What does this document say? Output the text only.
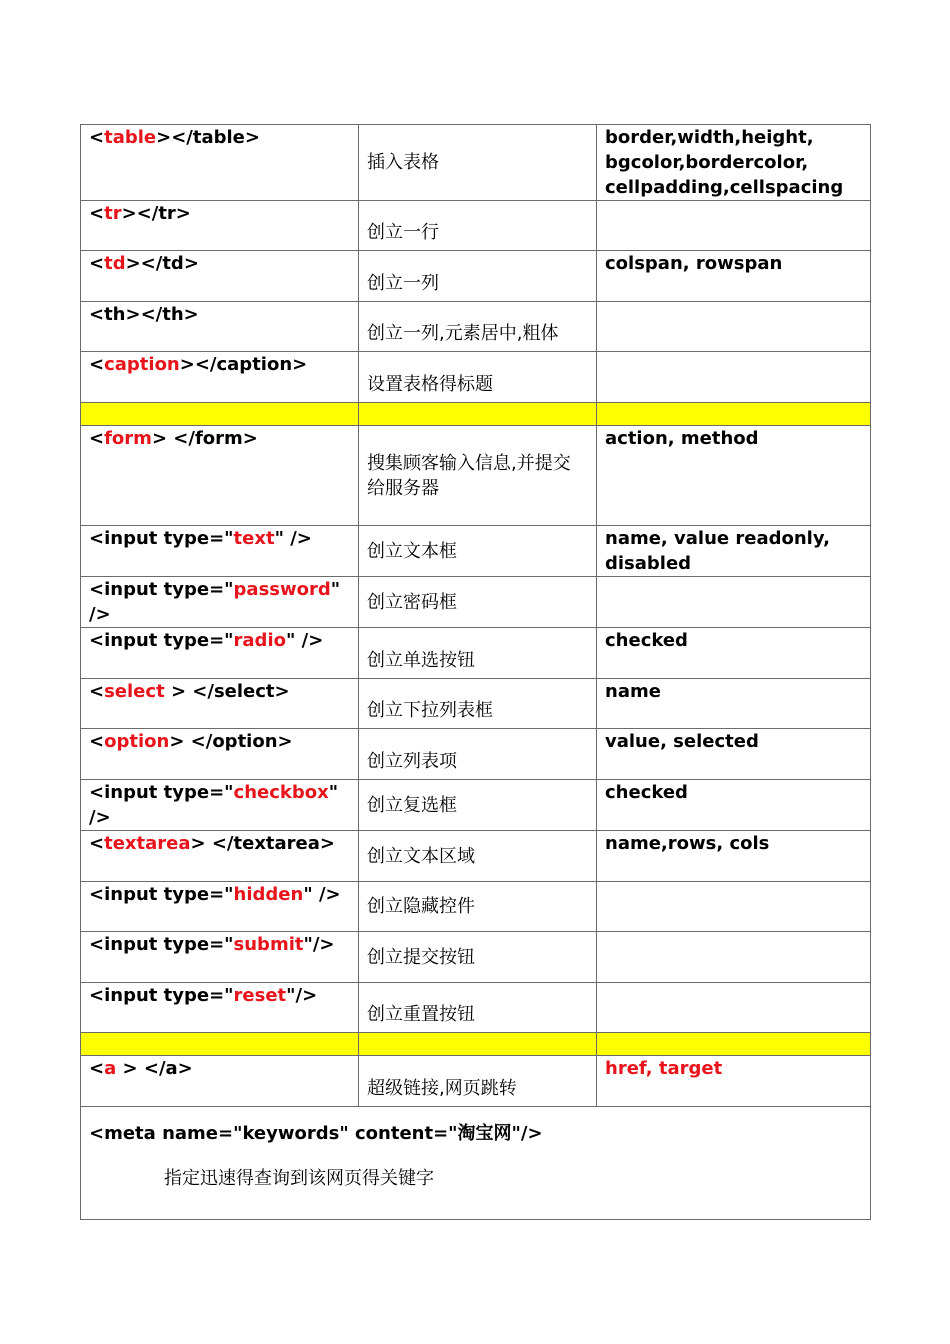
<table></table>	插入表格	border,width,height, bgcolor,bordercolor, cellpadding,cellspacing
<tr></tr>	创立一行	
<td></td>	创立一列	colspan, rowspan
<th></th>	创立一列,元素居中,粗体	
<caption></caption>	设置表格得标题	

<form> </form>	搜集顾客输入信息,并提交给服务器	action, method
<input type="text" />	创立文本框	name, value readonly, disabled
<input type="password" />	创立密码框	
<input type="radio" />	创立单选按钮	checked
<select > </select>	创立下拉列表框	name
<option> </option>	创立列表项	value, selected
<input type="checkbox" />	创立复选框	checked
<textarea> </textarea>	创立文本区域	name,rows, cols
<input type="hidden" />	创立隐藏控件	
<input type="submit"/>	创立提交按钮	
<input type="reset"/>	创立重置按钮	

<a > </a>	超级链接,网页跳转	href, target

<meta name="keywords" content="淘宝网"/>
指定迅速得查询到该网页得关键字		
